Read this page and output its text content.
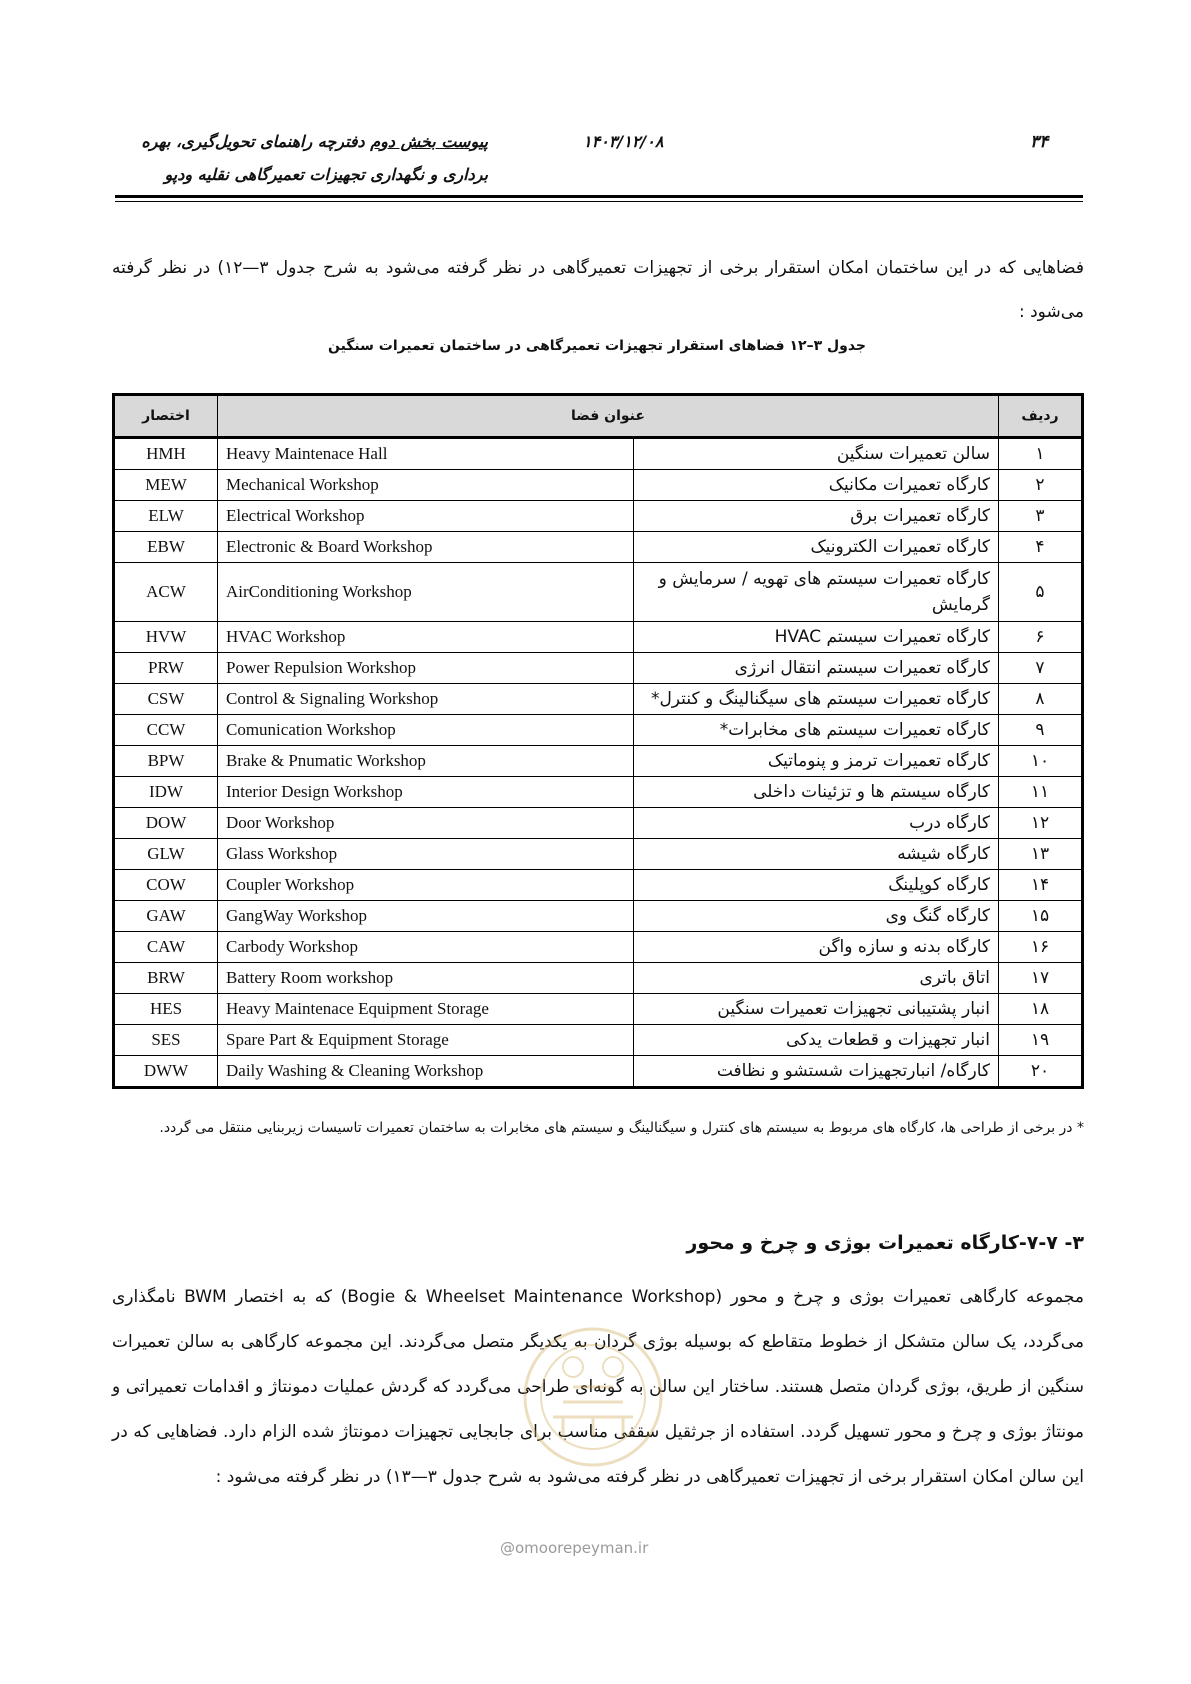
پیوست بخش دوم دفترچه راهنمای تحویل‌گیری، بهره
برداری و نگهداری تجهیزات تعمیرگاهی نقلیه ودپو
۱۴۰۳/۱۲/۰۸	۳۴
فضاهایی که در این ساختمان امکان استقرار برخی از تجهیزات تعمیرگاهی در نظر گرفته می‌شود به شرح جدول ۳—۱۲) در نظر گرفته می‌شود :
جدول ۳–۱۲ فضاهای استقرار تجهیزات تعمیرگاهی در ساختمان تعمیرات سنگین
اختصار	عنوان فضا		ردیف
HMH	Heavy Maintenace Hall	سالن تعمیرات سنگین	۱
MEW	Mechanical Workshop	کارگاه تعمیرات مکانیک	۲
ELW	Electrical Workshop	کارگاه تعمیرات برق	۳
EBW	Electronic & Board Workshop	کارگاه تعمیرات الکترونیک	۴
ACW	AirConditioning Workshop	کارگاه تعمیرات سیستم های تهویه / سرمایش و گرمایش	۵
HVW	HVAC Workshop	کارگاه تعمیرات سیستم HVAC	۶
PRW	Power Repulsion Workshop	کارگاه تعمیرات سیستم انتقال انرژی	۷
CSW	Control & Signaling Workshop	کارگاه تعمیرات سیستم های سیگنالینگ و کنترل*	۸
CCW	Comunication Workshop	کارگاه تعمیرات سیستم های مخابرات*	۹
BPW	Brake & Pnumatic Workshop	کارگاه تعمیرات ترمز و پنوماتیک	۱۰
IDW	Interior Design Workshop	کارگاه سیستم ها و تزئینات داخلی	۱۱
DOW	Door Workshop	کارگاه درب	۱۲
GLW	Glass Workshop	کارگاه شیشه	۱۳
COW	Coupler Workshop	کارگاه کوپلینگ	۱۴
GAW	GangWay Workshop	کارگاه گنگ وی	۱۵
CAW	Carbody Workshop	کارگاه بدنه و سازه واگن	۱۶
BRW	Battery Room workshop	اتاق باتری	۱۷
HES	Heavy Maintenace Equipment Storage	انبار پشتیبانی تجهیزات تعمیرات سنگین	۱۸
SES	Spare Part & Equipment Storage	انبار تجهیزات و قطعات یدکی	۱۹
DWW	Daily Washing & Cleaning Workshop	کارگاه/ انبارتجهیزات شستشو و نظافت	۲۰
* در برخی از طراحی ها، کارگاه های مربوط به سیستم های کنترل و سیگنالینگ و سیستم های مخابرات به ساختمان تعمیرات تاسیسات زیربنایی منتقل می گردد.
۳- ۷-۷-کارگاه تعمیرات بوژی و چرخ و محور
مجموعه کارگاهی تعمیرات بوژی و چرخ و محور (Bogie & Wheelset Maintenance Workshop) که به اختصار BWM نامگذاری می‌گردد، یک سالن متشکل از خطوط متقاطع که بوسیله بوژی گردان به یکدیگر متصل می‌گردند. این مجموعه کارگاهی به سالن تعمیرات سنگین از طریق، بوژی گردان متصل هستند. ساختار این سالن به گونه‌ای طراحی می‌گردد که گردش عملیات دمونتاژ و اقدامات تعمیراتی و مونتاژ بوژی و چرخ و محور تسهیل گردد. استفاده از جرثقیل سقفی مناسب برای جابجایی تجهیزات دمونتاژ شده الزام دارد. فضاهایی که در این سالن امکان استقرار برخی از تجهیزات تعمیرگاهی در نظر گرفته می‌شود به شرح جدول ۳—۱۳) در نظر گرفته می‌شود :
@omoorepeyman.ir
